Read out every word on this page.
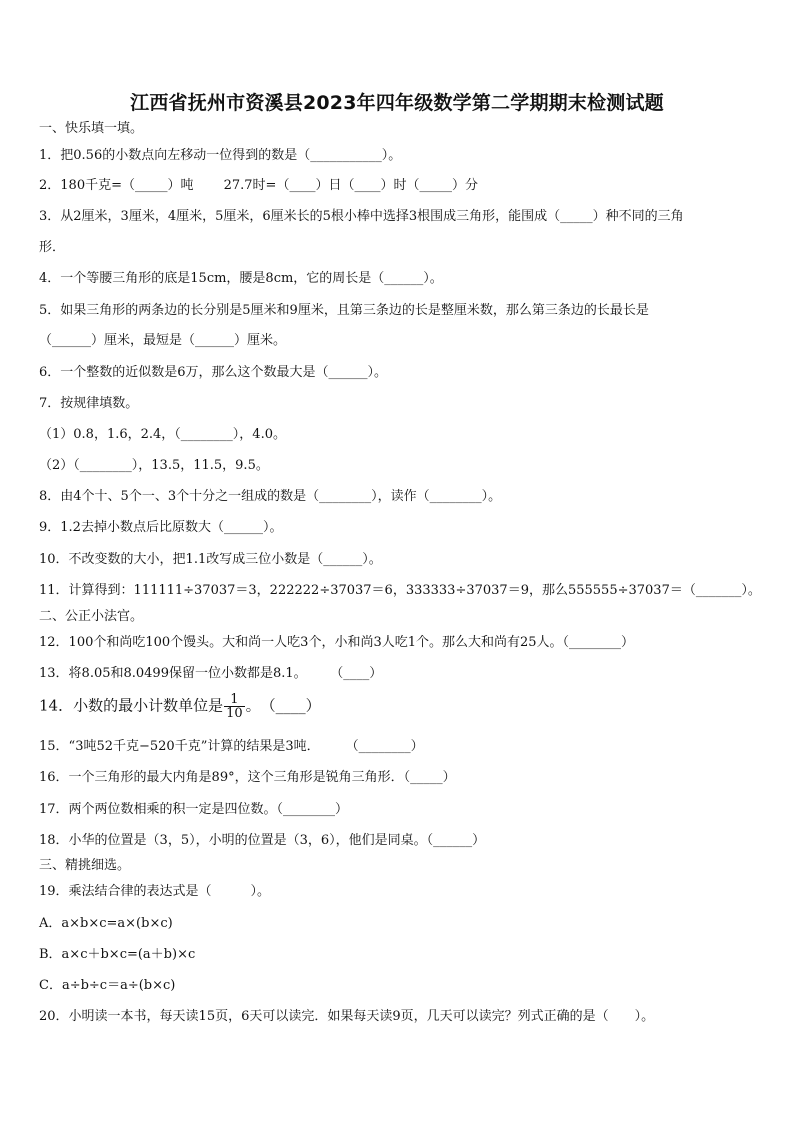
江西省抚州市资溪县2023年四年级数学第二学期期末检测试题
一、快乐填一填。
1．把0.56的小数点向左移动一位得到的数是（___________）。
2．180千克=（_____）吨　　 27.7时=（____）日（____）时（_____）分
3．从2厘米，3厘米，4厘米，5厘米，6厘米长的5根小棒中选择3根围成三角形，能围成（_____）种不同的三角
形．
4．一个等腰三角形的底是15cm，腰是8cm，它的周长是（______）。
5．如果三角形的两条边的长分别是5厘米和9厘米，且第三条边的长是整厘米数，那么第三条边的长最长是
（______）厘米，最短是（______）厘米。
6．一个整数的近似数是6万，那么这个数最大是（______）。
7．按规律填数。
（1）0.8，1.6，2.4，（________），4.0。
（2）（________），13.5，11.5，9.5。
8．由4个十、5个一、3个十分之一组成的数是（________），读作（________）。
9．1.2去掉小数点后比原数大（______）。
10．不改变数的大小，把1.1改写成三位小数是（______）。
11．计算得到：111111÷37037＝3，222222÷37037＝6，333333÷37037＝9，那么555555÷37037＝（_______）。
二、公正小法官。
12．100个和尚吃100个馒头。大和尚一人吃3个，小和尚3人吃1个。那么大和尚有25人。（________）
13．将8.05和8.0499保留一位小数都是8.1。　　 （____）
14．小数的最小计数单位是 $\frac{1}{10}$ 。　（____）
15．“3吨52千克−520千克”计算的结果是3吨．　　　（________）
16．一个三角形的最大内角是89°，这个三角形是锐角三角形．（_____）
17．两个两位数相乘的积一定是四位数。（________）
18．小华的位置是（3，5），小明的位置是（3，6），他们是同桌。（______）
三、精挑细选。
19．乘法结合律的表达式是（　　　）。
A．a×b×c=a×(b×c)
B．a×c＋b×c=(a＋b)×c
C．a÷b÷c＝a÷(b×c)
20．小明读一本书，每天读15页，6天可以读完．如果每天读9页，几天可以读完？列式正确的是（　　）。
